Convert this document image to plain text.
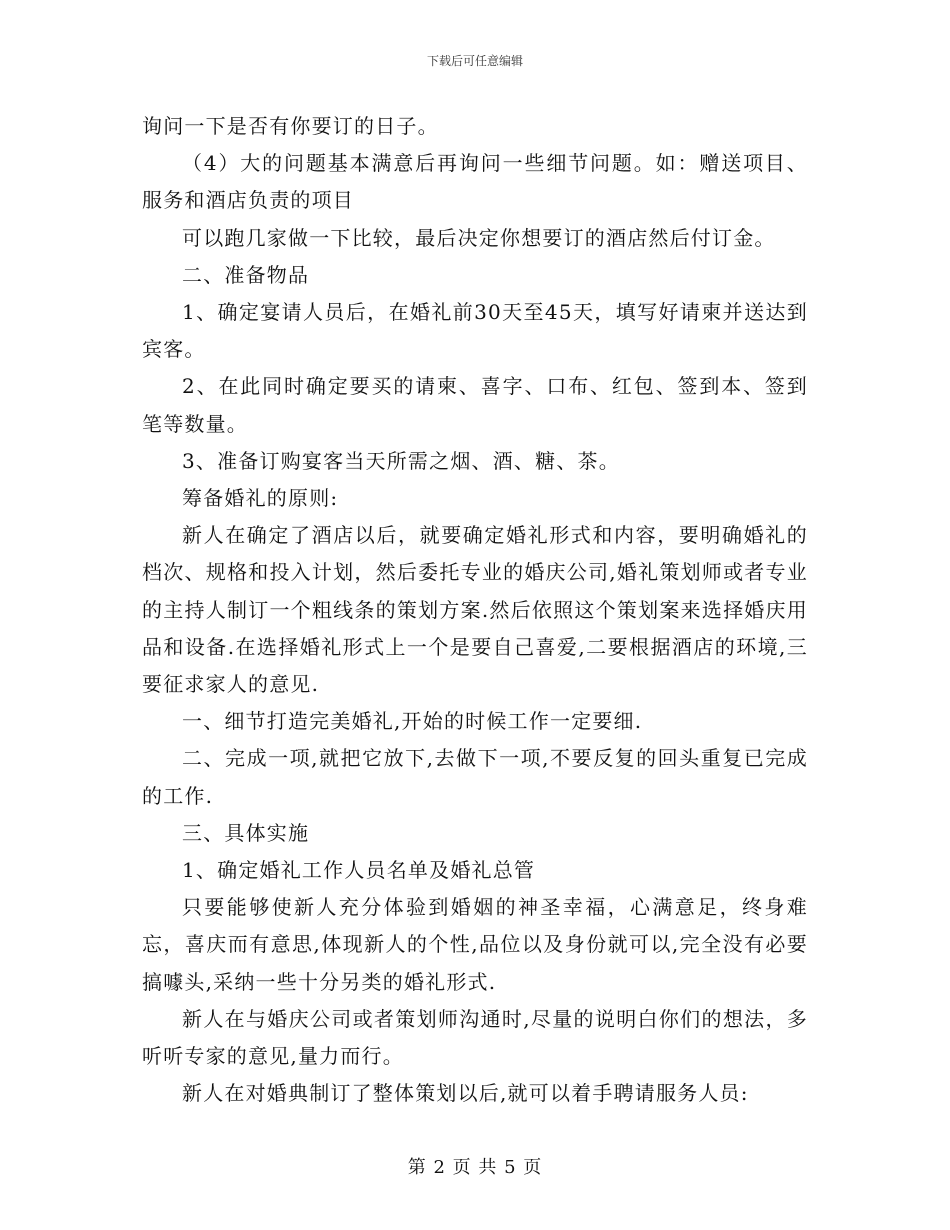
下载后可任意编辑

询问一下是否有你要订的日子。

（4）大的问题基本满意后再询问一些细节问题。如：赠送项目、服务和酒店负责的项目

可以跑几家做一下比较，最后决定你想要订的酒店然后付订金。

二、准备物品

1、确定宴请人员后，在婚礼前30天至45天，填写好请柬并送达到宾客。

2、在此同时确定要买的请柬、喜字、口布、红包、签到本、签到笔等数量。

3、准备订购宴客当天所需之烟、酒、糖、茶。

筹备婚礼的原则:

新人在确定了酒店以后，就要确定婚礼形式和内容，要明确婚礼的档次、规格和投入计划，然后委托专业的婚庆公司,婚礼策划师或者专业的主持人制订一个粗线条的策划方案.然后依照这个策划案来选择婚庆用品和设备.在选择婚礼形式上一个是要自己喜爱,二要根据酒店的环境,三要征求家人的意见.

一、细节打造完美婚礼,开始的时候工作一定要细.

二、完成一项,就把它放下,去做下一项,不要反复的回头重复已完成的工作.

三、具体实施

1、确定婚礼工作人员名单及婚礼总管

只要能够使新人充分体验到婚姻的神圣幸福，心满意足，终身难忘，喜庆而有意思,体现新人的个性,品位以及身份就可以,完全没有必要搞噱头,采纳一些十分另类的婚礼形式.

新人在与婚庆公司或者策划师沟通时,尽量的说明白你们的想法，多听听专家的意见,量力而行。

新人在对婚典制订了整体策划以后,就可以着手聘请服务人员:

第 2 页 共 5 页
